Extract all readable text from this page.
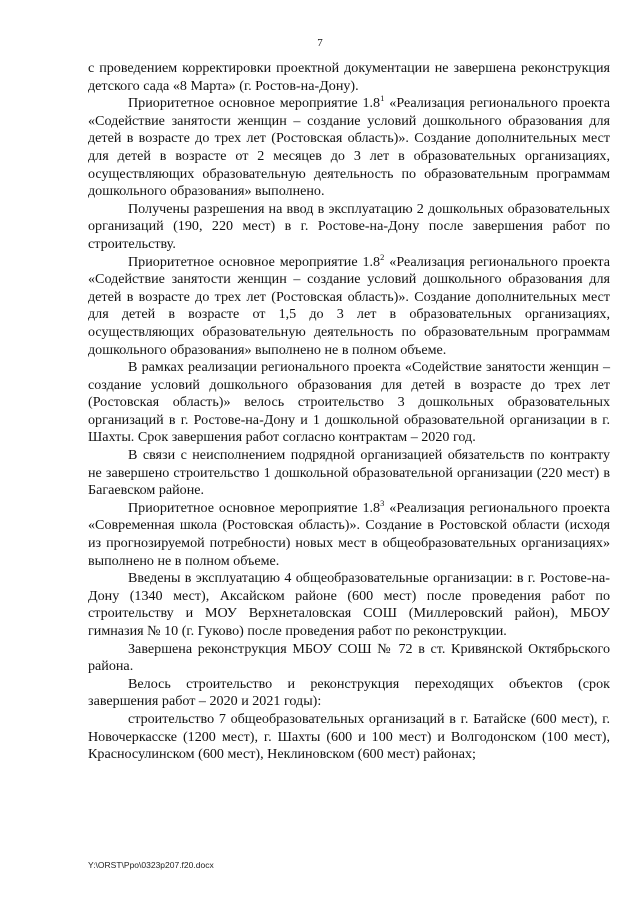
7

с проведением корректировки проектной документации не завершена реконструкция детского сада «8 Марта» (г. Ростов-на-Дону).

Приоритетное основное мероприятие $1.8^1$ «Реализация регионального проекта «Содействие занятости женщин – создание условий дошкольного образования для детей в возрасте до трех лет (Ростовская область)». Создание дополнительных мест для детей в возрасте от 2 месяцев до 3 лет в образовательных организациях, осуществляющих образовательную деятельность по образовательным программам дошкольного образования» выполнено.

Получены разрешения на ввод в эксплуатацию 2 дошкольных образовательных организаций (190, 220 мест) в г. Ростове-на-Дону после завершения работ по строительству.

Приоритетное основное мероприятие $1.8^2$ «Реализация регионального проекта «Содействие занятости женщин – создание условий дошкольного образования для детей в возрасте до трех лет (Ростовская область)». Создание дополнительных мест для детей в возрасте от 1,5 до 3 лет в образовательных организациях, осуществляющих образовательную деятельность по образовательным программам дошкольного образования» выполнено не в полном объеме.

В рамках реализации регионального проекта «Содействие занятости женщин – создание условий дошкольного образования для детей в возрасте до трех лет (Ростовская область)» велось строительство 3 дошкольных образовательных организаций в г. Ростове-на-Дону и 1 дошкольной образовательной организации в г. Шахты. Срок завершения работ согласно контрактам – 2020 год.

В связи с неисполнением подрядной организацией обязательств по контракту не завершено строительство 1 дошкольной образовательной организации (220 мест) в Багаевском районе.

Приоритетное основное мероприятие $1.8^3$ «Реализация регионального проекта «Современная школа (Ростовская область)». Создание в Ростовской области (исходя из прогнозируемой потребности) новых мест в общеобразовательных организациях» выполнено не в полном объеме.

Введены в эксплуатацию 4 общеобразовательные организации: в г. Ростове-на-Дону (1340 мест), Аксайском районе (600 мест) после проведения работ по строительству и МОУ Верхнеталовская СОШ (Миллеровский район), МБОУ гимназия № 10 (г. Гуково) после проведения работ по реконструкции.

Завершена реконструкция МБОУ СОШ № 72 в ст. Кривянской Октябрьского района.

Велось строительство и реконструкция переходящих объектов (срок завершения работ – 2020 и 2021 годы):

строительство 7 общеобразовательных организаций в г. Батайске (600 мест), г. Новочеркасске (1200 мест), г. Шахты (600 и 100 мест) и Волгодонском (100 мест), Красносулинском (600 мест), Неклиновском (600 мест) районах;

Y:\ORST\Ppo\0323p207.f20.docx
